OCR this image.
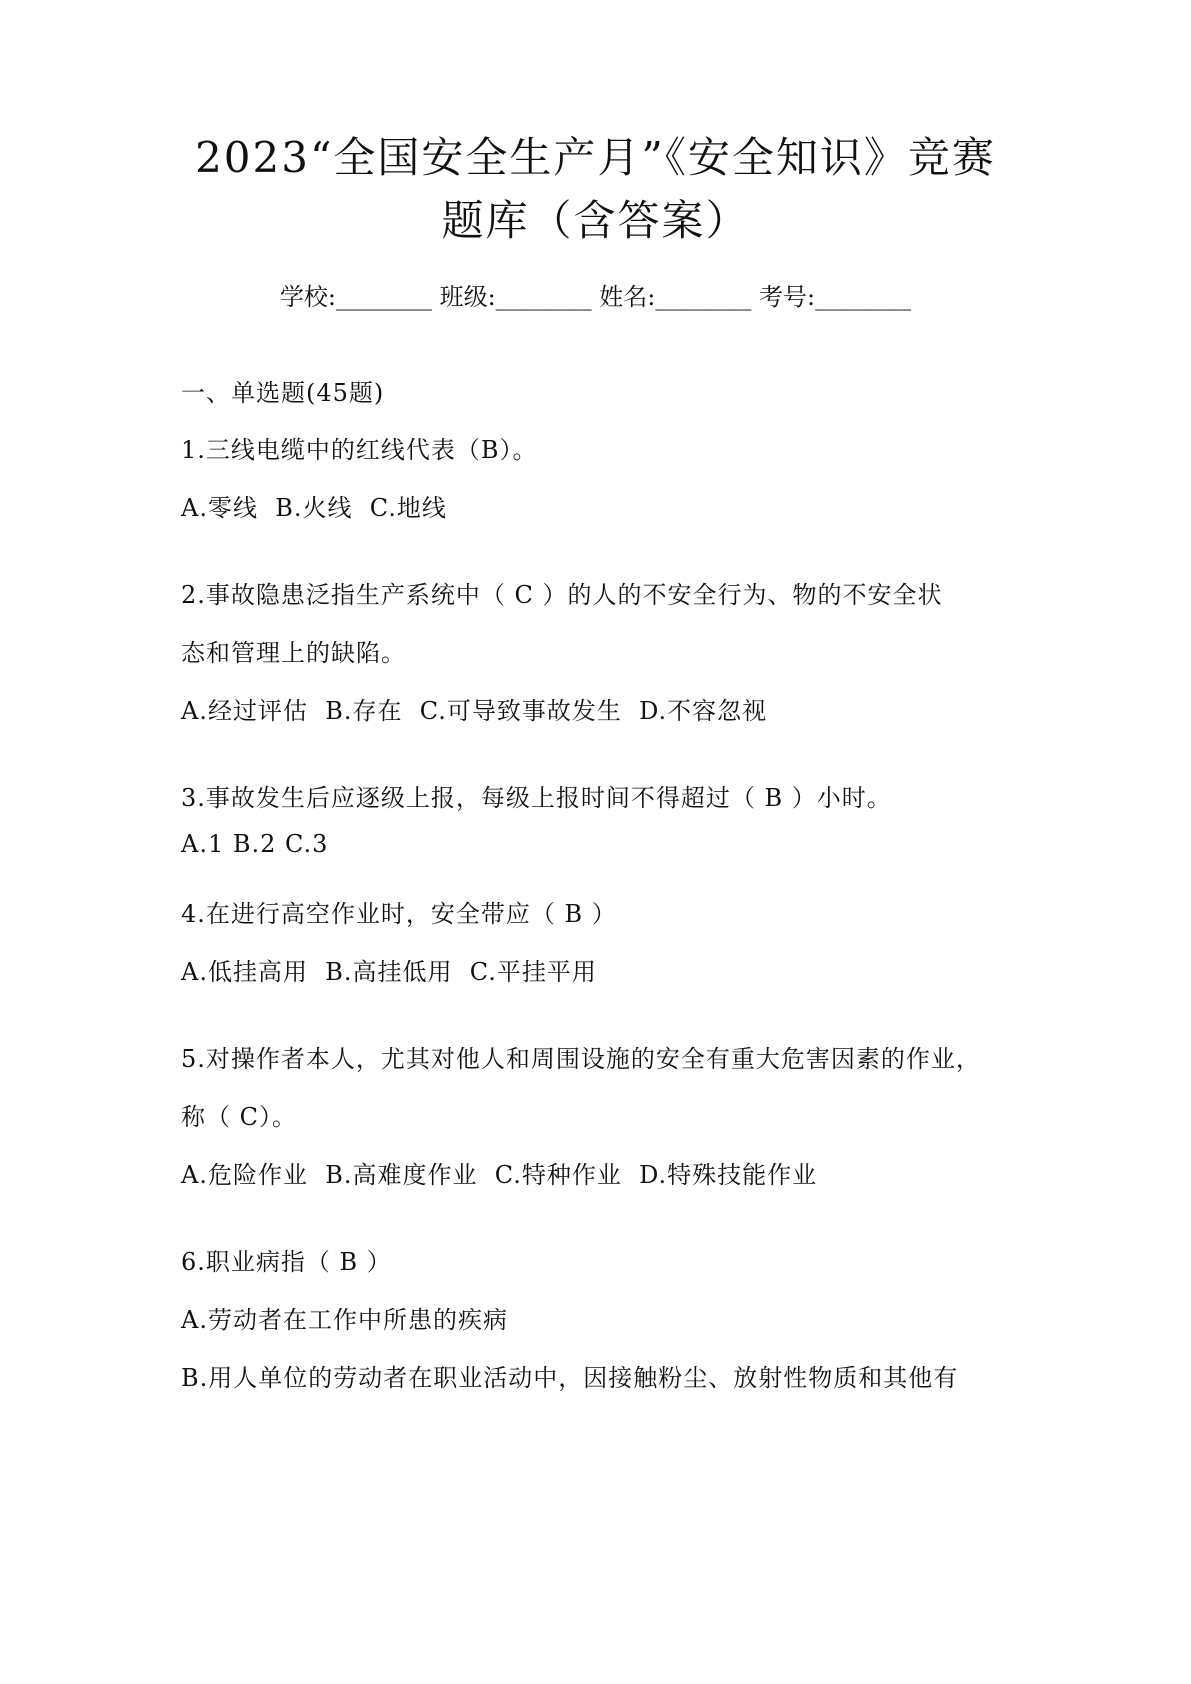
2023“全国安全生产月”《安全知识》竞赛
题库（含答案）
学校:________ 班级:________ 姓名:________ 考号:________
一、单选题(45题)
1.三线电缆中的红线代表（B）。
A.零线  B.火线  C.地线
2.事故隐患泛指生产系统中（ C ）的人的不安全行为、物的不安全状
态和管理上的缺陷。
A.经过评估  B.存在  C.可导致事故发生  D.不容忽视
3.事故发生后应逐级上报，每级上报时间不得超过（ B ）小时。
A.1 B.2 C.3
4.在进行高空作业时，安全带应（ B ）
A.低挂高用  B.高挂低用  C.平挂平用
5.对操作者本人，尤其对他人和周围设施的安全有重大危害因素的作业，
称（ C）。
A.危险作业  B.高难度作业  C.特种作业  D.特殊技能作业
6.职业病指（ B ）
A.劳动者在工作中所患的疾病
B.用人单位的劳动者在职业活动中，因接触粉尘、放射性物质和其他有
